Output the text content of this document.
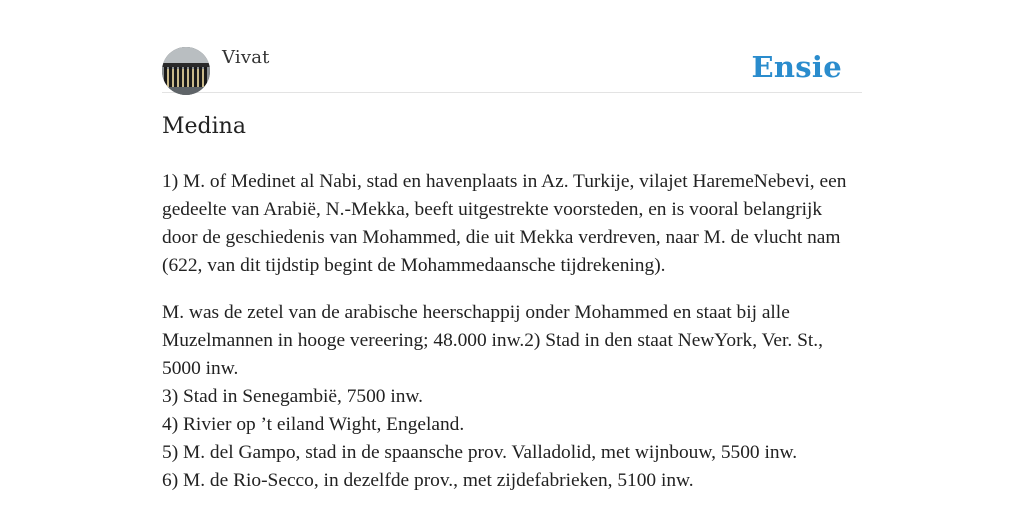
Vivat	Ensie
Medina

1) M. of Medinet al Nabi, stad en havenplaats in Az. Turkije, vilajet HaremeNebevi, een gedeelte van Arabië, N.-Mekka, beeft uitgestrekte voorsteden, en is vooral belangrijk door de geschiedenis van Mohammed, die uit Mekka verdreven, naar M. de vlucht nam (622, van dit tijdstip begint de Mohammedaansche tijdrekening).

M. was de zetel van de arabische heerschappij onder Mohammed en staat bij alle Muzelmannen in hooge vereering; 48.000 inw.2) Stad in den staat NewYork, Ver. St., 5000 inw.
3) Stad in Senegambië, 7500 inw.
4) Rivier op ’t eiland Wight, Engeland.
5) M. del Gampo, stad in de spaansche prov. Valladolid, met wijnbouw, 5500 inw.
6) M. de Rio-Secco, in dezelfde prov., met zijdefabrieken, 5100 inw.
